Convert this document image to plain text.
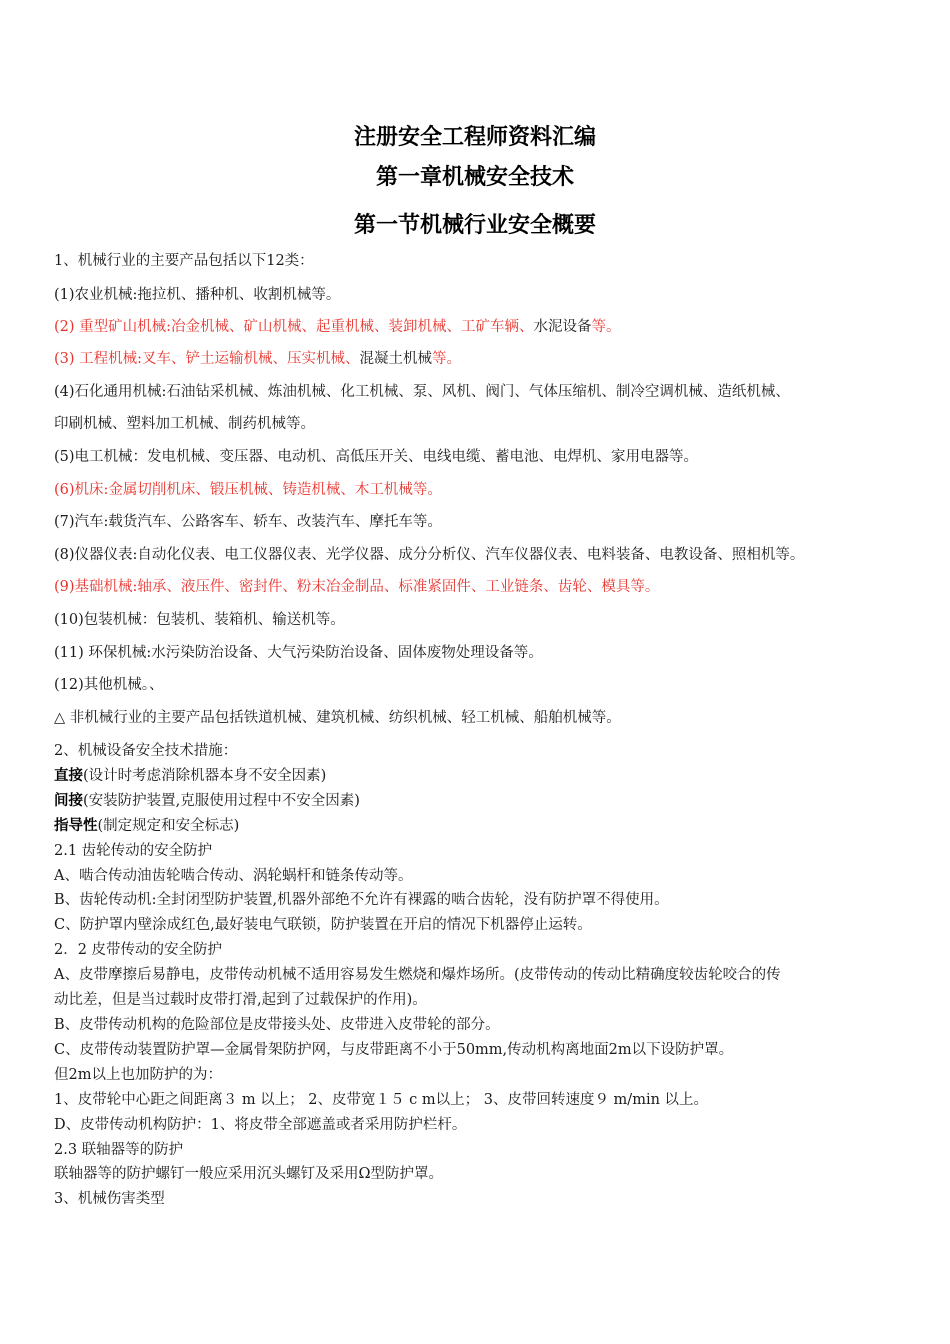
注册安全工程师资料汇编
第一章机械安全技术
第一节机械行业安全概要
1、机械行业的主要产品包括以下12类：
(1)农业机械:拖拉机、播种机、收割机械等。
(2) 重型矿山机械:冶金机械、矿山机械、起重机械、装卸机械、工矿车辆、水泥设备等。
(3) 工程机械:叉车、铲土运输机械、压实机械、混凝土机械等。
(4)石化通用机械:石油钻采机械、炼油机械、化工机械、泵、风机、阀门、气体压缩机、制冷空调机械、造纸机械、
印刷机械、塑料加工机械、制药机械等。
(5)电工机械：发电机械、变压器、电动机、高低压开关、电线电缆、蓄电池、电焊机、家用电器等。
(6)机床:金属切削机床、锻压机械、铸造机械、木工机械等。
(7)汽车:载货汽车、公路客车、轿车、改装汽车、摩托车等。
(8)仪器仪表:自动化仪表、电工仪器仪表、光学仪器、成分分析仪、汽车仪器仪表、电料装备、电教设备、照相机等。
(9)基础机械:轴承、液压件、密封件、粉末冶金制品、标准紧固件、工业链条、齿轮、模具等。
(10)包装机械：包装机、装箱机、输送机等。
(11) 环保机械:水污染防治设备、大气污染防治设备、固体废物处理设备等。
(12)其他机械。、
△ 非机械行业的主要产品包括铁道机械、建筑机械、纺织机械、轻工机械、船舶机械等。
2、机械设备安全技术措施：
直接(设计时考虑消除机器本身不安全因素)
间接(安装防护装置,克服使用过程中不安全因素)
指导性(制定规定和安全标志)
2.1 齿轮传动的安全防护
A、啮合传动油齿轮啮合传动、涡轮蜗杆和链条传动等。
B、齿轮传动机:全封闭型防护装置,机器外部绝不允许有裸露的啮合齿轮，没有防护罩不得使用。
C、防护罩内壁涂成红色,最好装电气联锁，防护装置在开启的情况下机器停止运转。
2．2 皮带传动的安全防护
A、皮带摩擦后易静电，皮带传动机械不适用容易发生燃烧和爆炸场所。(皮带传动的传动比精确度较齿轮咬合的传
动比差，但是当过载时皮带打滑,起到了过载保护的作用)。
B、皮带传动机构的危险部位是皮带接头处、皮带进入皮带轮的部分。
C、皮带传动装置防护罩—金属骨架防护网，与皮带距离不小于50mm,传动机构离地面2m以下设防护罩。
但2m以上也加防护的为：
1、皮带轮中心距之间距离３ m 以上； 2、皮带宽１５ c m以上； 3、皮带回转速度９ m/min 以上。
D、皮带传动机构防护：1、将皮带全部遮盖或者采用防护栏杆。
2.3 联轴器等的防护
联轴器等的防护螺钉一般应采用沉头螺钉及采用Ω型防护罩。
3、机械伤害类型
